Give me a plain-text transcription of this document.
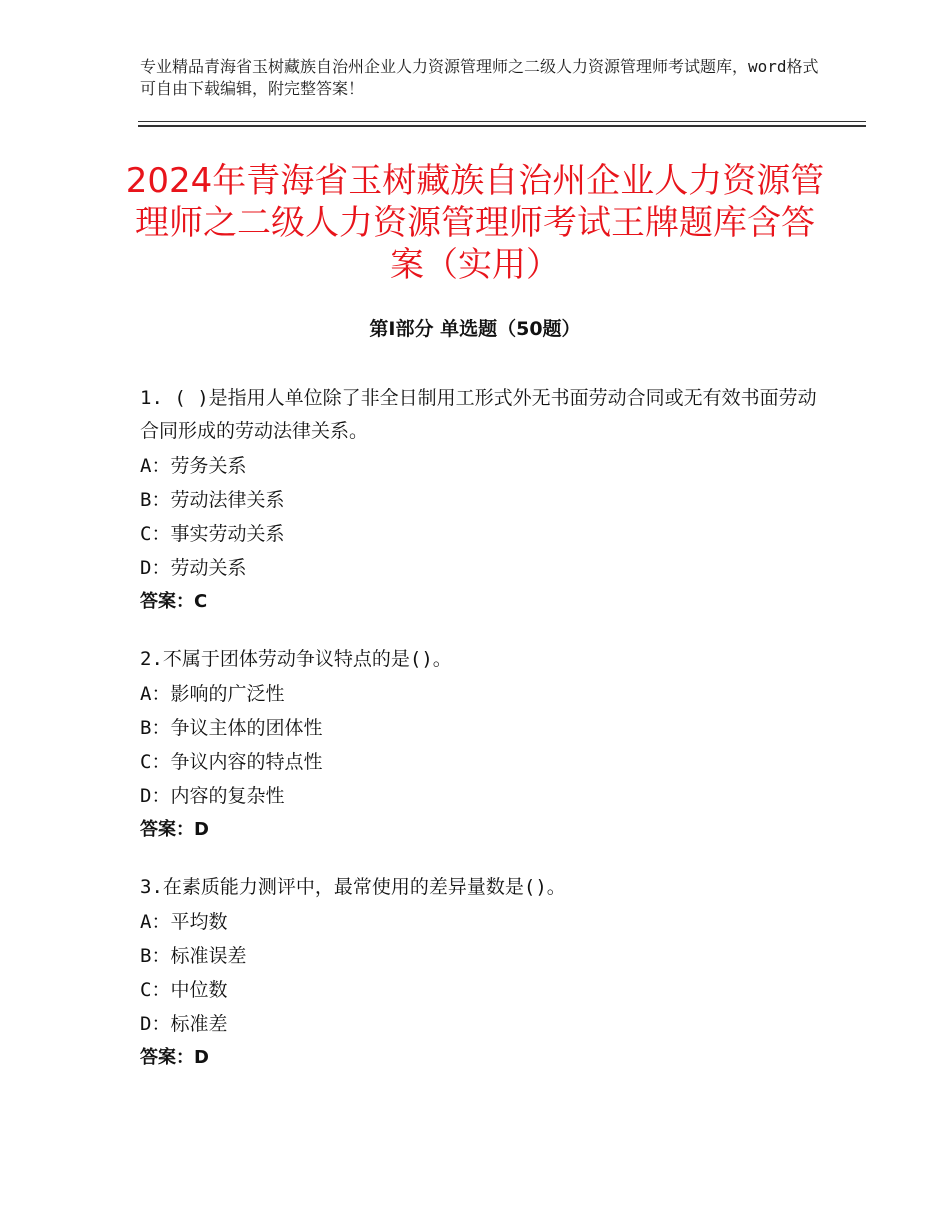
专业精品青海省玉树藏族自治州企业人力资源管理师之二级人力资源管理师考试题库，word格式可自由下载编辑，附完整答案！
2024年青海省玉树藏族自治州企业人力资源管理师之二级人力资源管理师考试王牌题库含答案（实用）
第Ⅰ部分 单选题（50题）
1. ( )是指用人单位除了非全日制用工形式外无书面劳动合同或无有效书面劳动合同形成的劳动法律关系。
A：劳务关系
B：劳动法律关系
C：事实劳动关系
D：劳动关系
答案：C
2.不属于团体劳动争议特点的是()。
A：影响的广泛性
B：争议主体的团体性
C：争议内容的特点性
D：内容的复杂性
答案：D
3.在素质能力测评中，最常使用的差异量数是()。
A：平均数
B：标准误差
C：中位数
D：标准差
答案：D
